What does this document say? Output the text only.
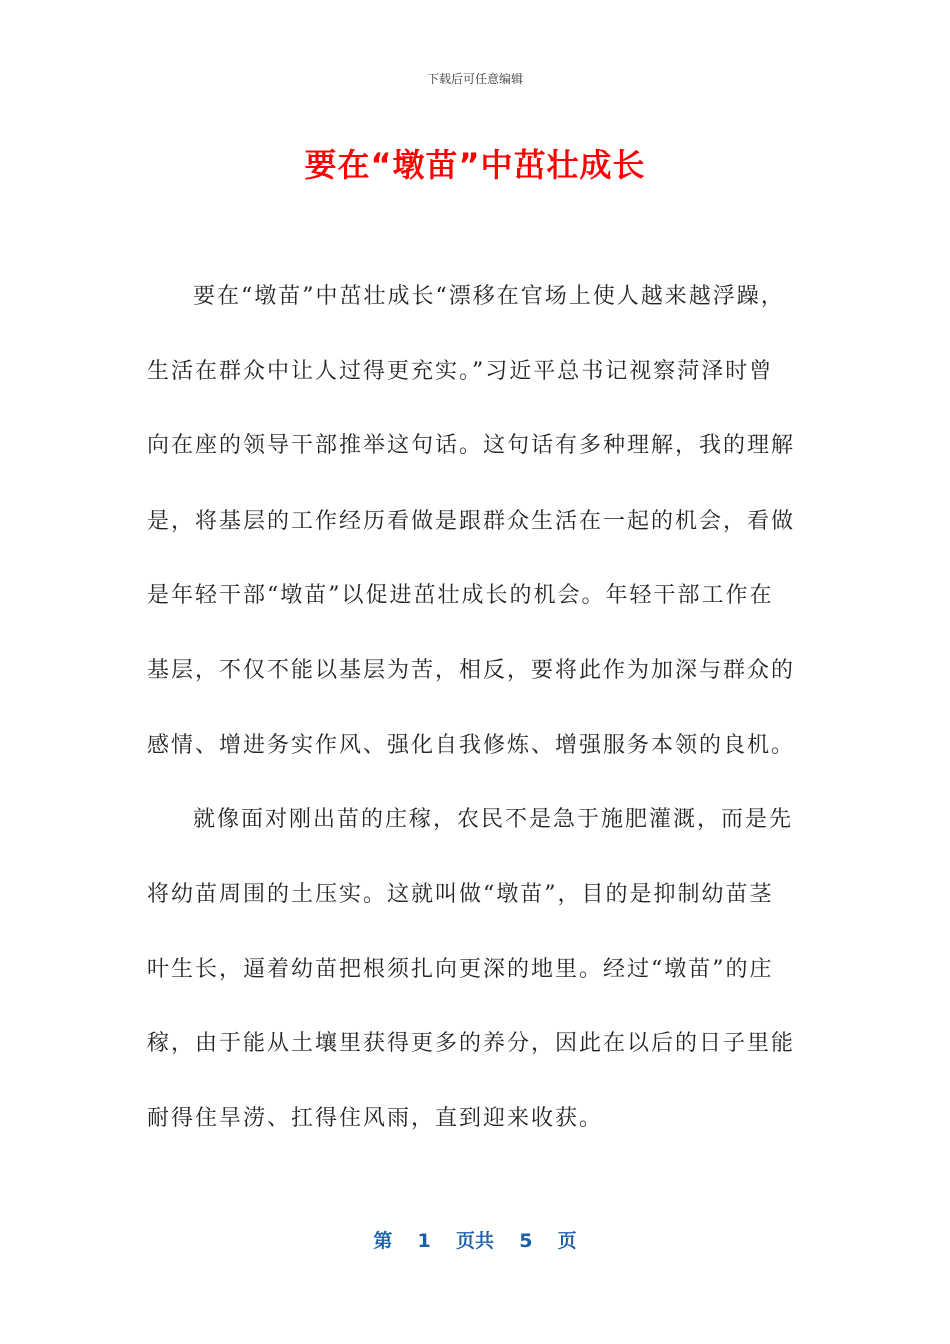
下载后可任意编辑
要在“墩苗”中茁壮成长
要在“墩苗”中茁壮成长“漂移在官场上使人越来越浮躁，
生活在群众中让人过得更充实。”习近平总书记视察菏泽时曾
向在座的领导干部推举这句话。这句话有多种理解，我的理解
是，将基层的工作经历看做是跟群众生活在一起的机会，看做
是年轻干部“墩苗”以促进茁壮成长的机会。年轻干部工作在
基层，不仅不能以基层为苦，相反，要将此作为加深与群众的
感情、增进务实作风、强化自我修炼、增强服务本领的良机。
就像面对刚出苗的庄稼，农民不是急于施肥灌溉，而是先
将幼苗周围的土压实。这就叫做“墩苗”，目的是抑制幼苗茎
叶生长，逼着幼苗把根须扎向更深的地里。经过“墩苗”的庄
稼，由于能从土壤里获得更多的养分，因此在以后的日子里能
耐得住旱涝、扛得住风雨，直到迎来收获。
第  1  页共  5  页
